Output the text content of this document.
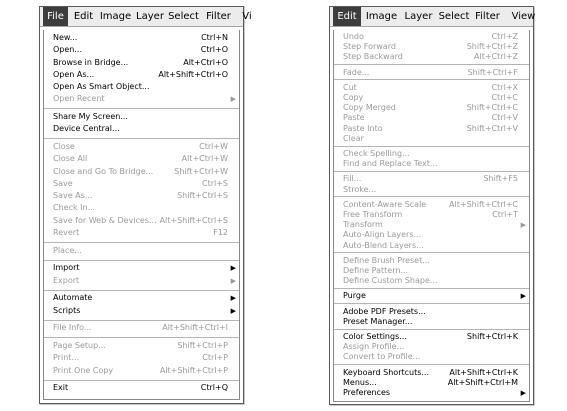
File Edit Image Layer Select Filter	Vi
New...	Ctrl+N
Open...	Ctrl+O
Browse in Bridge...	Alt+Ctrl+O
Open As...	Alt+Shift+Ctrl+O
Open As Smart Object...
Open Recent	▶
Share My Screen...
Device Central...
Close	Ctrl+W
Close All	Alt+Ctrl+W
Close and Go To Bridge...	Shift+Ctrl+W
Save	Ctrl+S
Save As...	Shift+Ctrl+S
Check In...
Save for Web & Devices... Alt+Shift+Ctrl+S
Revert	F12
Place...
Import	▶
Export	▶
Automate	▶
Scripts	▶
File Info...	Alt+Shift+Ctrl+I
Page Setup...	Shift+Ctrl+P
Print...	Ctrl+P
Print One Copy	Alt+Shift+Ctrl+P
Exit	Ctrl+Q
Edit Image Layer Select Filter	View
Undo	Ctrl+Z
Step Forward	Shift+Ctrl+Z
Step Backward	Alt+Ctrl+Z
Fade...	Shift+Ctrl+F
Cut	Ctrl+X
Copy	Ctrl+C
Copy Merged	Shift+Ctrl+C
Paste	Ctrl+V
Paste Into	Shift+Ctrl+V
Clear
Check Spelling...
Find and Replace Text...
Fill...	Shift+F5
Stroke...
Content-Aware Scale	Alt+Shift+Ctrl+C
Free Transform	Ctrl+T
Transform	▶
Auto-Align Layers...
Auto-Blend Layers...
Define Brush Preset...
Define Pattern...
Define Custom Shape...
Purge	▶
Adobe PDF Presets...
Preset Manager...
Color Settings...	Shift+Ctrl+K
Assign Profile...
Convert to Profile...
Keyboard Shortcuts...	Alt+Shift+Ctrl+K
Menus...	Alt+Shift+Ctrl+M
Preferences	▶
